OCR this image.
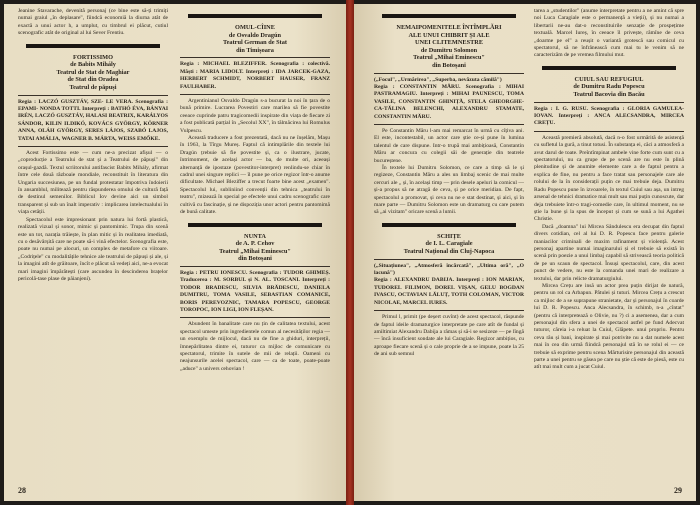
Jeanine Stavarache, devenită personaj (ce bine este să-ți trimiți numai graiul „în deplasare", fiindcă economiă la diurna atât de exactă a unui actor h, a umplut, cu timbrul ei plăcut, cutiul scenografic atât de original al lui Sever Frentiu.

FORTISSIMO
de Babits Mihály
Teatrul de Stat de Maghiar
de Stat din Oradea
Teatrul de păpuși

Regia : LACZÓ GUSZTÁV, SZE- LE VERA. Scenografia : EPAMI- NONDA TOTTI. Interpreți : BATHÓ ÉVA, BÁNYAI IRÉN, LACZÓ GUSZTÁV, HALASI BEATRIX, KARÁLYOS SÁNDOR, KILIN ILDIKÓ, KOVÁCS GYÖRGY, KÖRNER ANNA, OLÁH GYÖRGY, SERES LÁJOS, SZABÓ LAJOS, TATAI AMÁLIA, WAGNER B. MÁRTA, WEISS EMŐKE.

Acest Fortissimo este — cum ne-a precizat afișul — o „coproducție a Teatrului de stat și a Teatrului de păpuși" din orașul-gazdă. Textul scriitorului antifascist Babits Mihály, afirmat între cele două războaie mondiale, reconstituit în literatura din Ungaria succesiunea, pe un fundal protestatar împotriva îndoierii în ansamblul, militează pentru răspunderea omului de cultură față de destinul semenilor. Biblicul Iov devine aici un simbol transparent și sub un înalt imperativ : implicarea intelectualului în viața cetății.

Spectacolul este impresionant prin natura lui fortă plastică, realizată vizual și sonor, mimic și pantomimic. Trupa din scenă este un tot, narația trăiește, în plan mitic și în realitatea imediată, cu o desăvârșită care ne poate să-i vină efectelor. Scenografia este, poate nu numai pe alocuri, un complex de metafore cu viitoare. „Codrițele" cu modalitățile tehnice ale teatrului de păpuși și ale, și la imagini atît de grăitoare, încît e plăcut să vedeți aici, ne-a evocat mari imagini împărătești (care ascundea în descinderea brațelor pericolă-tase plase de păianjeni).

OMUL-CÎINE
de Osvaldo Dragún
Teatrul German de Stat
din Timișoara

Regia : MICHAEL BLEZIFFER. Scenografia : colectivă. Măști : MARIA LIDOLT. Interpreți : IDA JARCEK-GAZA, HERBERT SCHMIDT, NORBERT HAUSER, FRANZ FAULHABER.

Argentinianul Osvaldo Dragún s-a bucurat la noi în țara de o bună primire. Lucrarea Povestiri care marilea să fie povestite ceeace cuprinde patru tragicomedii inspirate din viața de fiecare zi a fost publicată parțial în „Secolul XX", în tălmăcirea lui Romulus Vulpescu.

Această traducere a fost prezentată, dacă nu ne înșelăm, Mașu în 1963, la Tîrgu Mureș. Faptul că intimplările din textele lui Dragún țrebuie să fie povestite și, ca o ilustrare, jucate, întrimoment, de același actor — ba, de multe ori, aceeași alternanță de ipostaze (povestitor-interpret) renlindu-se chiar în cadrul unei singure replici — îl pune pe orice regizor într-o anume dificultate. Michael Bleziffer a trecut foarte bine acest „examen". Spectacolul lui, subliniind convenții din tehnica „teatrului în teatru", mizează în special pe efectele unui cadru scenografic care cultivă cu fascinație, și ne dispoziția unor actori pentru pantomimă de bună calitate.

NUNTA
de A. P. Cehov
Teatrul „Mihai Eminescu"
din Botoșani

Regia : PETRU IONESCU. Scenografia : TUDOR GHIMEȘ. Traducerea : M. SORBUL și N. AL. TOSCANI. Interpreți : TODOR BRADESCU, SILVIA BRĂDESCU, DANIELA DUMITRU, TOMA VASILE, SEBASTIAN COMANICE, BORIS PEREVOZNIC, TAMARA POPESCU, GEORGE TOROPOC, ION LIGI, ION FLEȘAN.

Abundent în banalitate care nu țin de calitatea textului, acest spectacol umeste prin ingredientele comun al necesităților regia — un exemplu de mijlocul, dacă nu de fine a ghiduri, interpreții, îmnepărlitatea dintre ei, tuturor ca mijloc de comunicare cu spectatorul, trimite în sutele de mii de relații. Oameni cu neajunsurile acelei spectacol, care — ca de toate, poate-poate „aduce" a univers cehovian !

28
NEMAIPOMENITELE ÎNTÎMPLĂRI
ALE UNUI CHIBRIT ȘI ALE
UNEI CLITEMNESTRE
de Dumitru Solomon
Teatrul „Mihai Eminescu"
din Botoșani

(„Focul", „Urmărirea", „Superba, nevăzuta cămilă")

Regia : CONSTANTIN MĂRU. Scenografia : MIHAI PASTRAMAGIU. Interpreți : MIHAI PAUNESCU, TOMA VASILE, CONSTANTIN GHINIȚĂ, STELA GHEORGHE-CA-TĂLINA BELENCHI, ALEXANDRU STAMATE, CONSTANTIN MĂRU.

Pe Constantin Măru l-am mai remarcat în urmă cu cîțiva ani. El este, incontestabil, un actor care știe ce-și pune în lumina talentul de care dispune. Intr-o trupă mai ambițioasă, Constantin Măru ar concura cu colegii săi de generație din teatrele bucureștene.

În textele lui Dumitru Solomon, ce care a timp să le și regizeze, Constantin Măru a ales un limbaj scenic de mai multe cercuri ale „ și, în același timp — prin desele apeluri la comicul — și-a propus să ne atragă de ceva, și pe orice meridian. De fapt, spectacolul a promovat, și ceva nu ne e stat destinat, și aici, și în mare parte — Dumitru Solomon este un dramaturg cu care putem să „ai vizitam" oricare scenă a lumii.

SCHIȚE
de I. L. Caragiale
Teatrul Național din Cluj-Napoca

(„Situațiunea", „Atmosferă încărcată", „Ultima oră", „O lacună")

Regia : ALEXANDRU DABIJA. Interpreți : ION MARIAN, TUDOREL FILIMON, DOREL VIȘAN, GELU BOGDAN IVASCU, OCTAVIAN LĂLUȚ, TOTH COLOMAN, VICTOR NICOLAE, MARCEL IURES.

Primul l, primit (pe deșert cuvînt) de acest spectacol, răspunde de faptul ideile dramaturgice interpretate pe care atît de fundal și amiltimiat Alexandru Dabija a rămas și să-i se sesizeze — pe lîngă — încă insuficient sondate ale lui Caragiale. Regizor ambițios, cu aproape fiecare scenă și o cale proprie de a se impune, poate la 25 de ani sub semnul

tarea a „studentilor" (anume interpretate pentru a ne amint că spre noi Luca Caragiale este o permanență a vieții), și nu numai a libertarii ne-au dat-o reconstituirile senzație de prospețime textuală. Marcel Iureș, în ceeace îl privește, rămîne de ceva „doarme pe el" a reușit o variantă grotescă sau comicul cu spectatorul, să ne înfrânească cum mai tu le venim să ne caracterizăm de pe vremea filmului mut.

CUIUL SAU REFUGIUL
de Dumitru Radu Popescu
Teatrul Bacovia din Bacău

Regia : I. G. RUSU. Scenografia : GLORIA GAMULEA-IOVAN. Interpreți : ANCA ALECSANDRA, MIRCEA CREȚU.

Această premieră absolută, dacă n-o fost urmărită de asistență cu sufletul la gură, a tinut totusi. În substanța ei, căci a atmosferă a avut darul de toate. Preîntîmpinat ambele vine forte cum sunt cu a spectatorului, nu ca grupe de pe scenă are nu este în plină plenitudine și de anumite elemente care a de faptul pentru a explica de fine, nu pentru a face tratat sau personajele care ale rolului de la în considerații puțin ce mai trebuie deja. Dumitru Radu Popescu pune în izvoarele, în textul Cuiul sau așa, un intreg arsenal de tehnici dramatice mai mult sau mai puțin cunoscute, dar deja trebuiete într-o tragi-comedie care, în ultimul moment, nu se știe la bune și la spus de început și cum se sună a lui Agathei Christie.

Dacă „doamna" lui Mircea Sândulescu era decupat din faptul divers cotidian, cel al lui D. R. Popescu face pentru galerie maniacilor criminali de maxim rafinament și violență. Acest personaj apartine numai imaginarului și el trebuie să există în scenă prin poezie a unui limbaj capabil să strivească teoria politică de pe un scaun de spectacol. Însuși spectacolul, care, din acest punct de vedere, nu este la comanda unei mari de realizare a textului, dar prin relicte dramaturgiului.

Mircea Crețu are insă un actor prea puțin dirijat de natură, pentru un rol ca Arbapun. Pătulei și tuturi. Mircea Crețu a crescut ca mijloc de a se suprapune stranietate, dar și personajul în coarde lui D. R. Popescu. Anca Alecsandra, în schimb, n-a „cîntat" (pentru că interpretează o Olivie, nu ?) ci a asemenea, dar a cum personajul din sfera a unei de spectacol astfel pe fund Adecvat tuturor, căreia i-a reluat la Cuiul, Glăpete. unui propriu. Pentru ceva rău și bani, inspirate și mai potrivite nu a dat numele acest mai în cea din urmă fiindcă personajul stă în se rolul ei — ce trebuie să exprime pentru scena Mărturisire personajul din această parte a unei pentru se găsea pe care nu știe că este de piesă, este cu atît mai mult cum a jucat Cuiul.

29
